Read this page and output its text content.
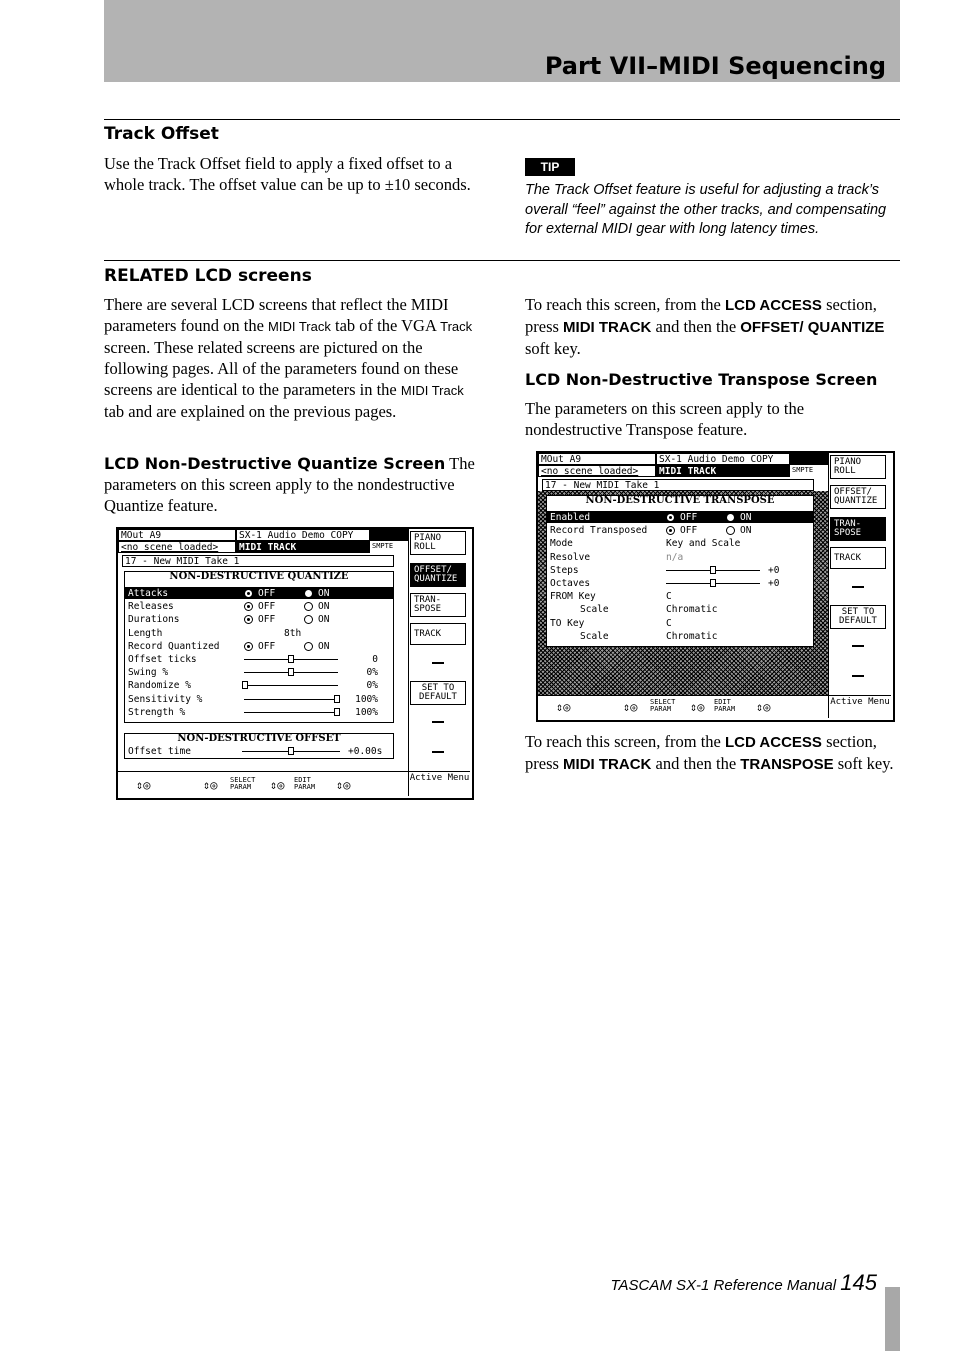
Part VII–MIDI Sequencing
Track Offset
Use the Track Offset field to apply a fixed offset to a whole track. The offset value can be up to ±10 seconds.
TIP
The Track Offset feature is useful for adjusting a track’s overall “feel” against the other tracks, and compensating for external MIDI gear with long latency times.
RELATED LCD screens
There are several LCD screens that reflect the MIDI parameters found on the MIDI Track tab of the VGA Track screen. These related screens are pictured on the following pages. All of the parameters found on these screens are identical to the parameters in the MIDI Track tab and are explained on the previous pages.
LCD Non-Destructive Quantize Screen The parameters on this screen apply to the nondestructive Quantize feature.
To reach this screen, from the LCD ACCESS section, press MIDI TRACK and then the OFFSET/ QUANTIZE soft key.
LCD Non-Destructive Transpose Screen
The parameters on this screen apply to the nondestructive Transpose feature.
To reach this screen, from the LCD ACCESS section, press MIDI TRACK and then the TRANSPOSE soft key.
MOut A9
<no scene loaded>
SX-1 Audio Demo_COPY
MIDI TRACK	SMPTE
17 - New MIDI Take 1
NON-DESTRUCTIVE QUANTIZE
NON-DESTRUCTIVE OFFSET
Offset time	+0.00s
PIANO ROLL
OFFSET/ QUANTIZE
TRAN- SPOSE
TRACK
SET TO DEFAULT
⇕◎	⇕◎ SELECT PARAM	⇕◎ EDIT PARAM	⇕◎	Active Menu
Attacks	OFF	ON
Releases	OFF	ON
Durations	OFF	ON
Length	8th
Record Quantized	OFF	ON
Offset ticks	0
Swing %	0%
Randomize %	0%
Sensitivity %	100%
Strength %	100%
MOut A9
<no scene loaded>
SX-1 Audio Demo_COPY
MIDI TRACK	SMPTE
17 - New MIDI Take 1
NON-DESTRUCTIVE TRANSPOSE
PIANO ROLL
OFFSET/ QUANTIZE
TRAN- SPOSE
TRACK
SET TO DEFAULT
⇕◎	⇕◎ SELECT PARAM	⇕◎ EDIT PARAM	⇕◎	Active Menu
Enabled	OFF	ON
Record Transposed	OFF	ON
Mode	Key and Scale
Resolve	n/a
Steps	+0
Octaves	+0
FROM Key	C
Scale	Chromatic
TO Key	C
Scale	Chromatic
TASCAM SX-1 Reference Manual 145
